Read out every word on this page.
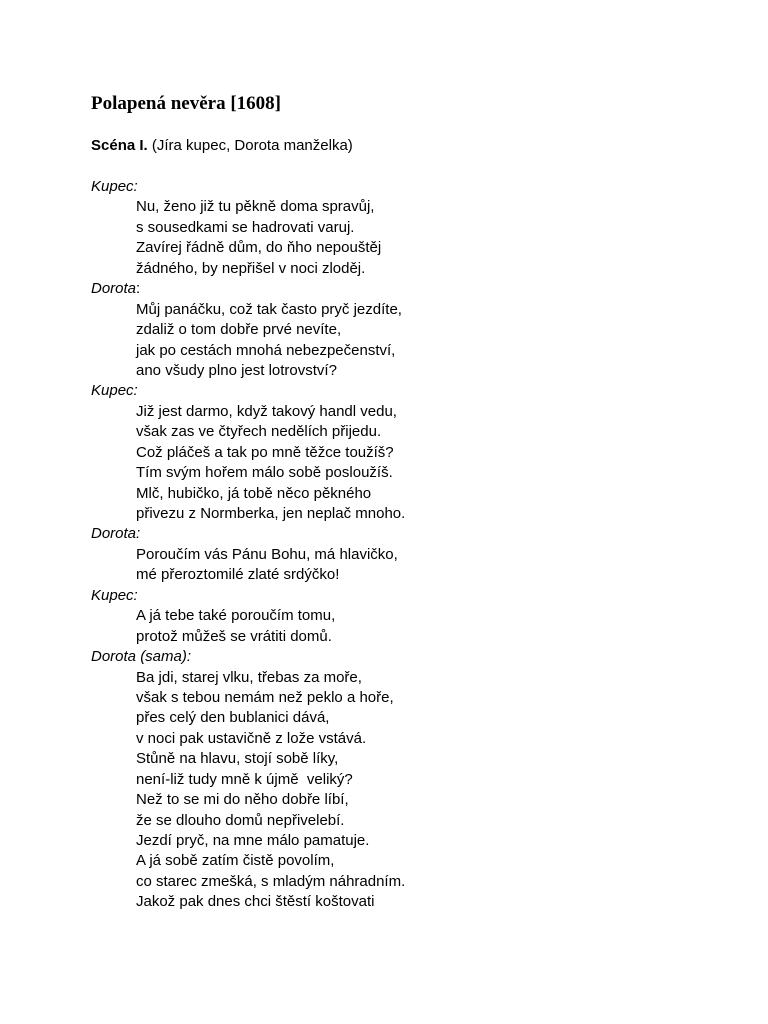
Polapená nevěra [1608]

Scéna I. (Jíra kupec, Dorota manželka)

Kupec:
Nu, ženo již tu pěkně doma spravůj,
s sousedkami se hadrovati varuj.
Zavírej řádně dům, do ňho nepouštěj
žádného, by nepřišel v noci zloděj.
Dorota:
Můj panáčku, což tak často pryč jezdíte,
zdaliž o tom dobře prvé nevíte,
jak po cestách mnohá nebezpečenství,
ano všudy plno jest lotrovství?
Kupec:
Již jest darmo, když takový handl vedu,
však zas ve čtyřech nedělích přijedu.
Což pláčeš a tak po mně těžce toužíš?
Tím svým hořem málo sobě posloužíš.
Mlč, hubičko, já tobě něco pěkného
přivezu z Normberka, jen neplač mnoho.
Dorota:
Poroučím vás Pánu Bohu, má hlavičko,
mé přeroztomilé zlaté srdýčko!
Kupec:
A já tebe také poroučím tomu,
protož můžeš se vrátiti domů.
Dorota (sama):
Ba jdi, starej vlku, třebas za moře,
však s tebou nemám než peklo a hoře,
přes celý den bublanici dává,
v noci pak ustavičně z lože vstává.
Stůně na hlavu, stojí sobě líky,
není-liž tudy mně k újmě  veliký?
Než to se mi do něho dobře líbí,
že se dlouho domů nepřivelebí.
Jezdí pryč, na mne málo pamatuje.
A já sobě zatím čistě povolím,
co starec zmešká, s mladým náhradním.
Jakož pak dnes chci štěstí koštovati
